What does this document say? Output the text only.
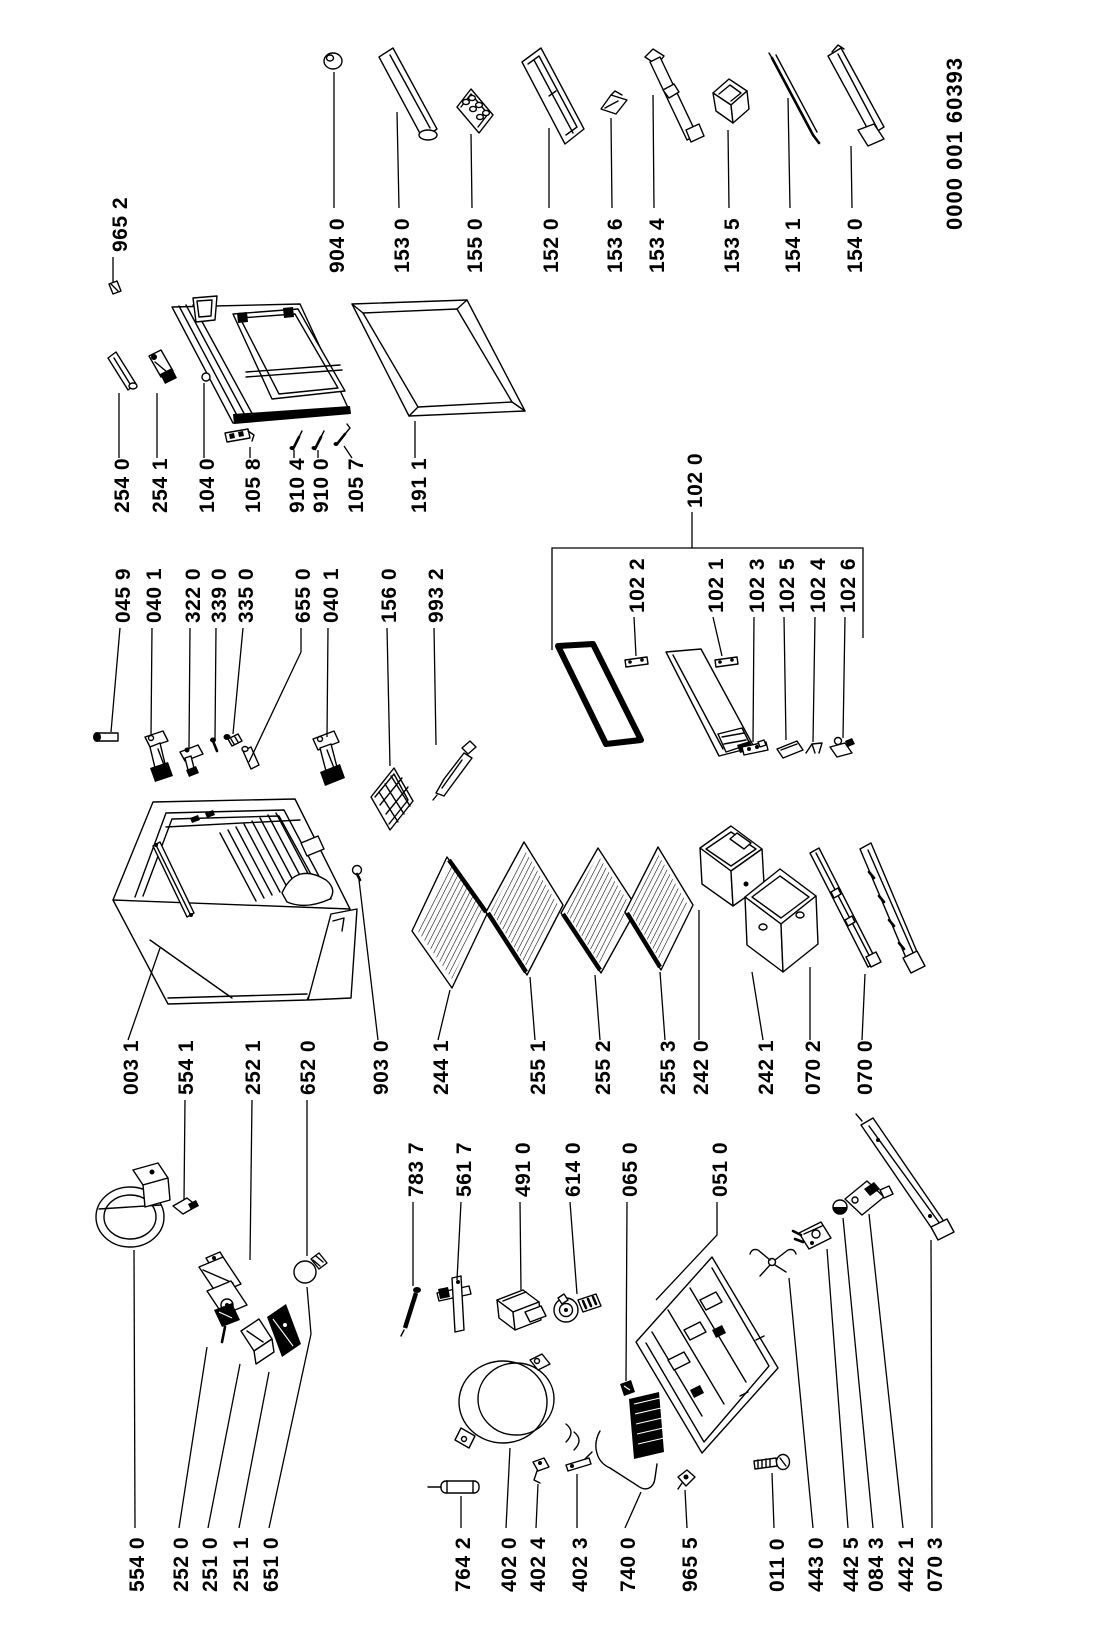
0000 001 60393
965 2	904 0 153 0 155 0	152 0 153 6 153 4 153 5 154 1 154 0
254 0 254 1 104 0 105 8 910 4 910 0 105 7 191 1
045 9 040 1 322 0 339 0 335 0 655 0 040 1 156 0 993 2
102 0
102 2	102 1 102 3 102 5 102 4 102 6
003 1 554 1 252 1 652 0 903 0 244 1	255 1 255 2 255 3 242 0 242 1 070 2 070 0
783 7 561 7 491 0 614 0 065 0	051 0
554 0 252 0 251 0 251 1 651 0	764 2 402 0 402 4 402 3 740 0 965 5	011 0 443 0 442 5 084 3 442 1 070 3
